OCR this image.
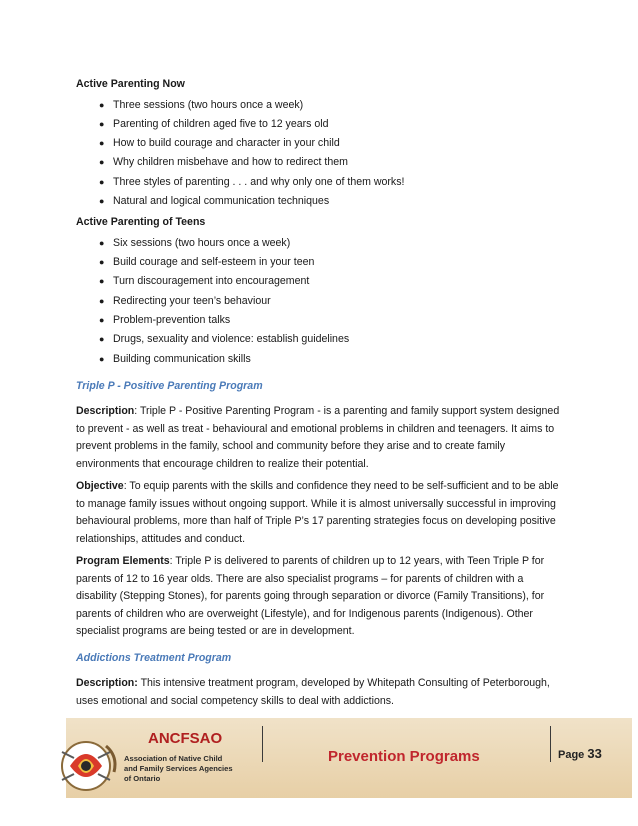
Active Parenting Now

● Three sessions (two hours once a week)
● Parenting of children aged five to 12 years old
● How to build courage and character in your child
● Why children misbehave and how to redirect them
● Three styles of parenting . . . and why only one of them works!
● Natural and logical communication techniques

Active Parenting of Teens

● Six sessions (two hours once a week)
● Build courage and self-esteem in your teen
● Turn discouragement into encouragement
● Redirecting your teen’s behaviour
● Problem-prevention talks
● Drugs, sexuality and violence: establish guidelines
● Building communication skills

Triple P - Positive Parenting Program

Description: Triple P - Positive Parenting Program - is a parenting and family support system designed to prevent - as well as treat - behavioural and emotional problems in children and teenagers. It aims to prevent problems in the family, school and community before they arise and to create family environments that encourage children to realize their potential.

Objective: To equip parents with the skills and confidence they need to be self-sufficient and to be able to manage family issues without ongoing support. While it is almost universally successful in improving behavioural problems, more than half of Triple P’s 17 parenting strategies focus on developing positive relationships, attitudes and conduct.

Program Elements: Triple P is delivered to parents of children up to 12 years, with Teen Triple P for parents of 12 to 16 year olds. There are also specialist programs – for parents of children with a disability (Stepping Stones), for parents going through separation or divorce (Family Transitions), for parents of children who are overweight (Lifestyle), and for Indigenous parents (Indigenous). Other specialist programs are being tested or are in development.

Addictions Treatment Program

Description: This intensive treatment program, developed by Whitepath Consulting of Peterborough, uses emotional and social competency skills to deal with addictions.

ANCFSAO
Association of Native Child
and Family Services Agencies
of Ontario
Prevention Programs	Page 33
